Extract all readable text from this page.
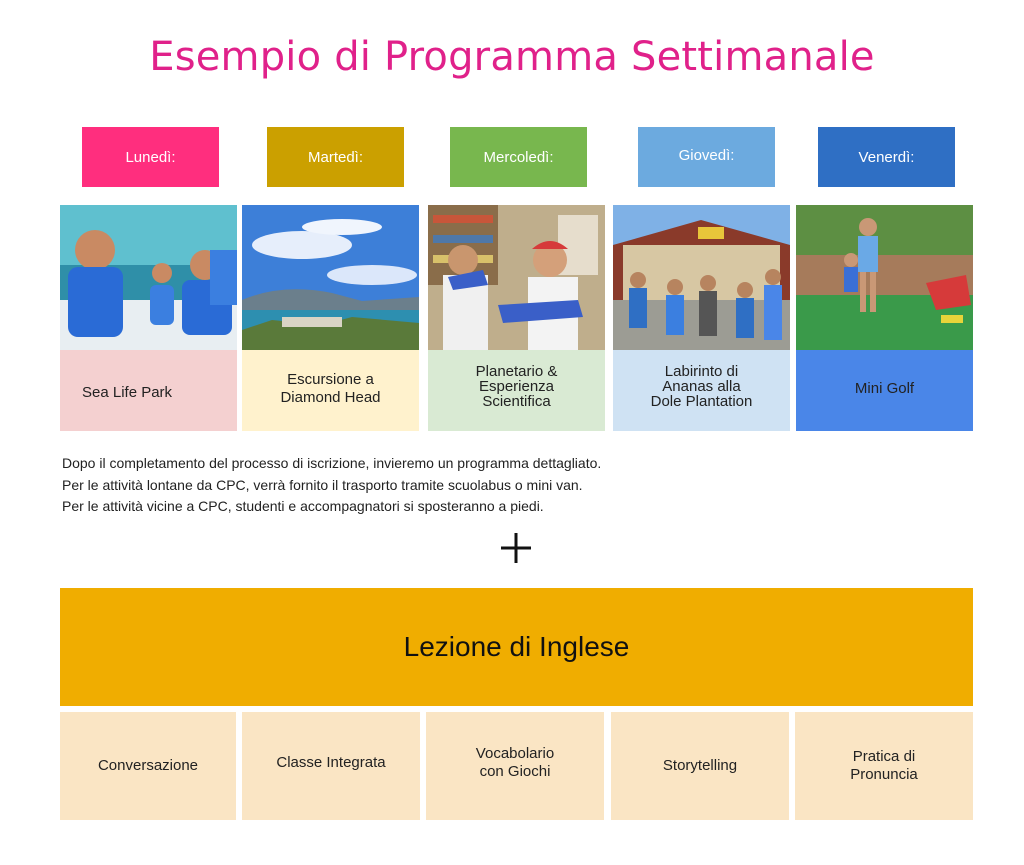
Esempio di Programma Settimanale
Lunedì:	Martedì:	Mercoledì:	Giovedì:	Venerdì:
Sea Life Park
Escursione a
Diamond Head
Planetario &
Esperienza
Scientifica
Labirinto di
Ananas alla
Dole Plantation
Mini Golf
Dopo il completamento del processo di iscrizione, invieremo un programma dettagliato.
Per le attività lontane da CPC, verrà fornito il trasporto tramite scuolabus o mini van.
Per le attività vicine a CPC, studenti e accompagnatori si sposteranno a piedi.
Lezione di Inglese
Conversazione	Classe Integrata
Vocabolario
con Giochi	Storytelling
Pratica di
Pronuncia
